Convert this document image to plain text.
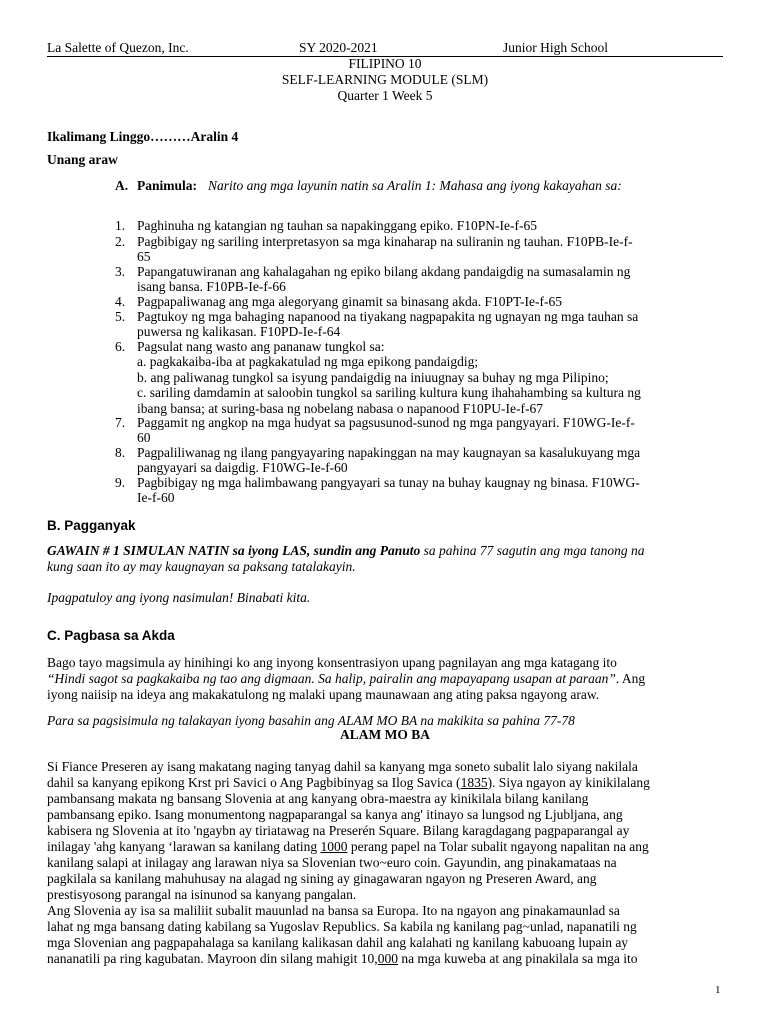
La Salette of Quezon, Inc.	SY 2020-2021	Junior High School
FILIPINO 10
SELF-LEARNING MODULE (SLM)
Quarter 1 Week 5
Ikalimang Linggo………Aralin 4
Unang araw
A. Panimula: Narito ang mga layunin natin sa Aralin 1: Mahasa ang iyong kakayahan sa:
1. Paghinuha ng katangian ng tauhan sa napakinggang epiko. F10PN-Ie-f-65
2. Pagbibigay ng sariling interpretasyon sa mga kinaharap na suliranin ng tauhan. F10PB-Ie-f-
65
3. Papangatuwiranan ang kahalagahan ng epiko bilang akdang pandaigdig na sumasalamin ng
isang bansa. F10PB-Ie-f-66
4. Pagpapaliwanag ang mga alegoryang ginamit sa binasang akda. F10PT-Ie-f-65
5. Pagtukoy ng mga bahaging napanood na tiyakang nagpapakita ng ugnayan ng mga tauhan sa
puwersa ng kalikasan. F10PD-Ie-f-64
6. Pagsulat nang wasto ang pananaw tungkol sa:
a. pagkakaiba-iba at pagkakatulad ng mga epikong pandaigdig;
b. ang paliwanag tungkol sa isyung pandaigdig na iniuugnay sa buhay ng mga Pilipino;
c. sariling damdamin at saloobin tungkol sa sariling kultura kung ihahahambing sa kultura ng
ibang bansa; at suring-basa ng nobelang nabasa o napanood F10PU-Ie-f-67
7. Paggamit ng angkop na mga hudyat sa pagsusunod-sunod ng mga pangyayari. F10WG-Ie-f-
60
8. Pagpaliliwanag ng ilang pangyayaring napakinggan na may kaugnayan sa kasalukuyang mga
pangyayari sa daigdig. F10WG-Ie-f-60
9. Pagbibigay ng mga halimbawang pangyayari sa tunay na buhay kaugnay ng binasa. F10WG-
Ie-f-60
B. Pagganyak
GAWAIN # 1 SIMULAN NATIN sa iyong LAS, sundin ang Panuto sa pahina 77 sagutin ang mga tanong na
kung saan ito ay may kaugnayan sa paksang tatalakayin.
Ipagpatuloy ang iyong nasimulan! Binabati kita.
C. Pagbasa sa Akda
Bago tayo magsimula ay hinihingi ko ang inyong konsentrasiyon upang pagnilayan ang mga katagang ito
“Hindi sagot sa pagkakaiba ng tao ang digmaan. Sa halip, pairalin ang mapayapang usapan at paraan”. Ang
iyong naiisip na ideya ang makakatulong ng malaki upang maunawaan ang ating paksa ngayong araw.
Para sa pagsisimula ng talakayan iyong basahin ang ALAM MO BA na makikita sa pahina 77-78
ALAM MO BA
Si Fiance Preseren ay isang makatang naging tanyag dahil sa kanyang mga soneto subalit lalo siyang nakilala
dahil sa kanyang epikong Krst pri Savici o Ang Pagbibinyag sa Ilog Savica (1835). Siya ngayon ay kinikilalang
pambansang makata ng bansang Slovenia at ang kanyang obra-maestra ay kinikilala bilang kanilang
pambansang epiko. Isang monumentong nagpaparangal sa kanya ang' itinayo sa lungsod ng Ljubljana, ang
kabisera ng Slovenia at ito 'ngaybn ay tiriatawag na Preserén Square. Bilang karagdagang pagpaparangal ay
inilagay 'ahg kanyang ‘larawan sa kanilang dating 1000 perang papel na Tolar subalit ngayong napalitan na ang
kanilang salapi at inilagay ang larawan niya sa Slovenian two~euro coin. Gayundin, ang pinakamataas na
pagkilala sa kanilang mahuhusay na alagad ng sining ay ginagawaran ngayon ng Preseren Award, ang
prestisyosong parangal na isinunod sa kanyang pangalan.
Ang Slovenia ay isa sa maliliit subalit mauunlad na bansa sa Europa. Ito na ngayon ang pinakamaunlad sa
lahat ng mga bansang dating kabilang sa Yugoslav Republics. Sa kabila ng kanilang pag~unlad, napanatili ng
mga Slovenian ang pagpapahalaga sa kanilang kalikasan dahil ang kalahati ng kanilang kabuoang lupain ay
nananatili pa ring kagubatan. Mayroon din silang mahigit 10,000 na mga kuweba at ang pinakilala sa mga ito
1
